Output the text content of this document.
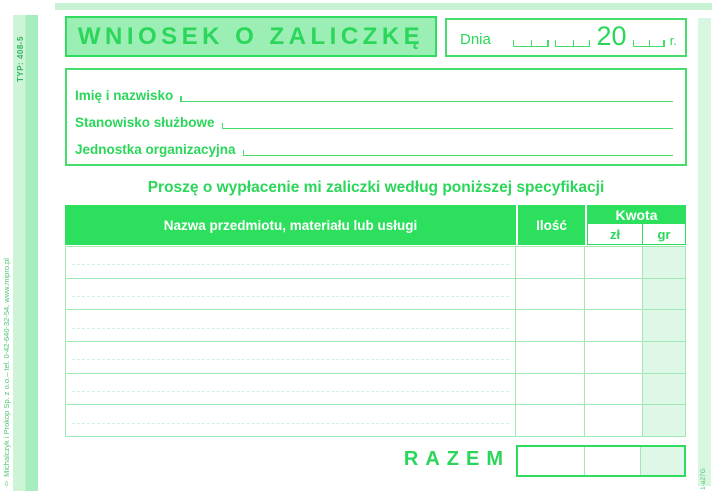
TYP: 408-5
◊ Michalczyk i Prokop Sp. z o.o.– tel. 0-42-640-32-54, www.mipro.pl	1-a27G
WNIOSEK O ZALICZKĘ Dnia	20	r.
Imię i nazwisko
Stanowisko służbowe
Jednostka organizacyjna
Proszę o wypłacenie mi zaliczki według poniższej specyfikacji
Nazwa przedmiotu, materiału lub usługi	Ilość
Kwota
zł	gr
RAZEM
